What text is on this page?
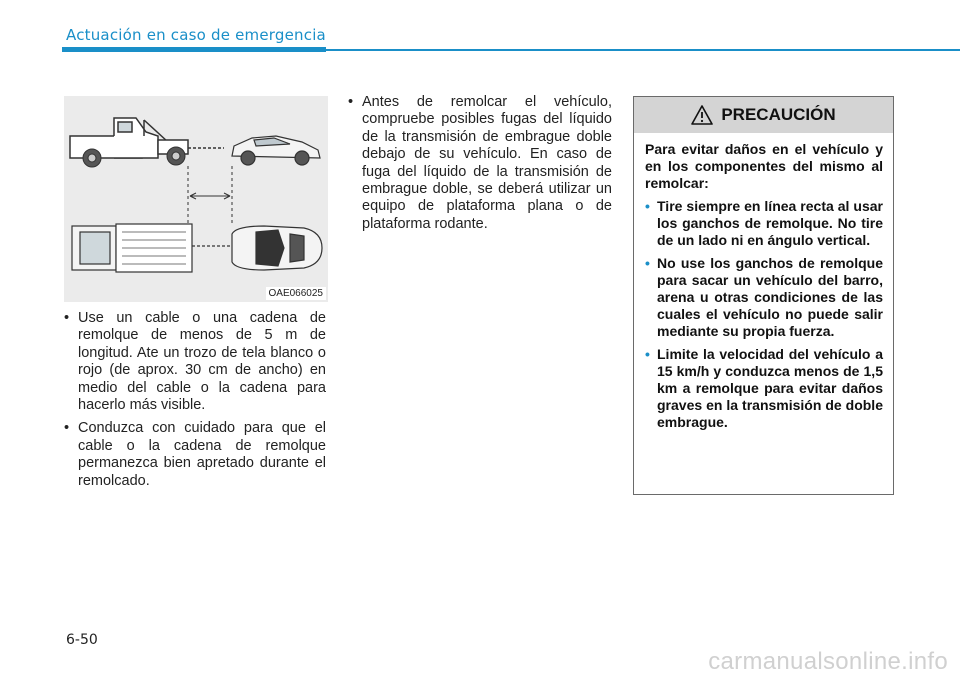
Actuación en caso de emergencia
OAE066025
• Use un cable o una cadena de remolque de menos de 5 m de longitud. Ate un trozo de tela blanco o rojo (de aprox. 30 cm de ancho) en medio del cable o la cadena para hacerlo más visible.
• Conduzca con cuidado para que el cable o la cadena de remolque permanezca bien apretado durante el remolcado.
• Antes de remolcar el vehículo, compruebe posibles fugas del líquido de la transmisión de embrague doble debajo de su vehículo. En caso de fuga del líquido de la transmisión de embrague doble, se deberá utilizar un equipo de plataforma plana o de plataforma rodante.
PRECAUCIÓN
Para evitar daños en el vehículo y en los componentes del mismo al remolcar:
• Tire siempre en línea recta al usar los ganchos de remolque. No tire de un lado ni en ángulo vertical.
• No use los ganchos de remolque para sacar un vehículo del barro, arena u otras condiciones de las cuales el vehículo no puede salir mediante su propia fuerza.
• Limite la velocidad del vehículo a 15 km/h y conduzca menos de 1,5 km a remolque para evitar daños graves en la transmisión de doble embrague.
6-50
carmanualsonline.info
